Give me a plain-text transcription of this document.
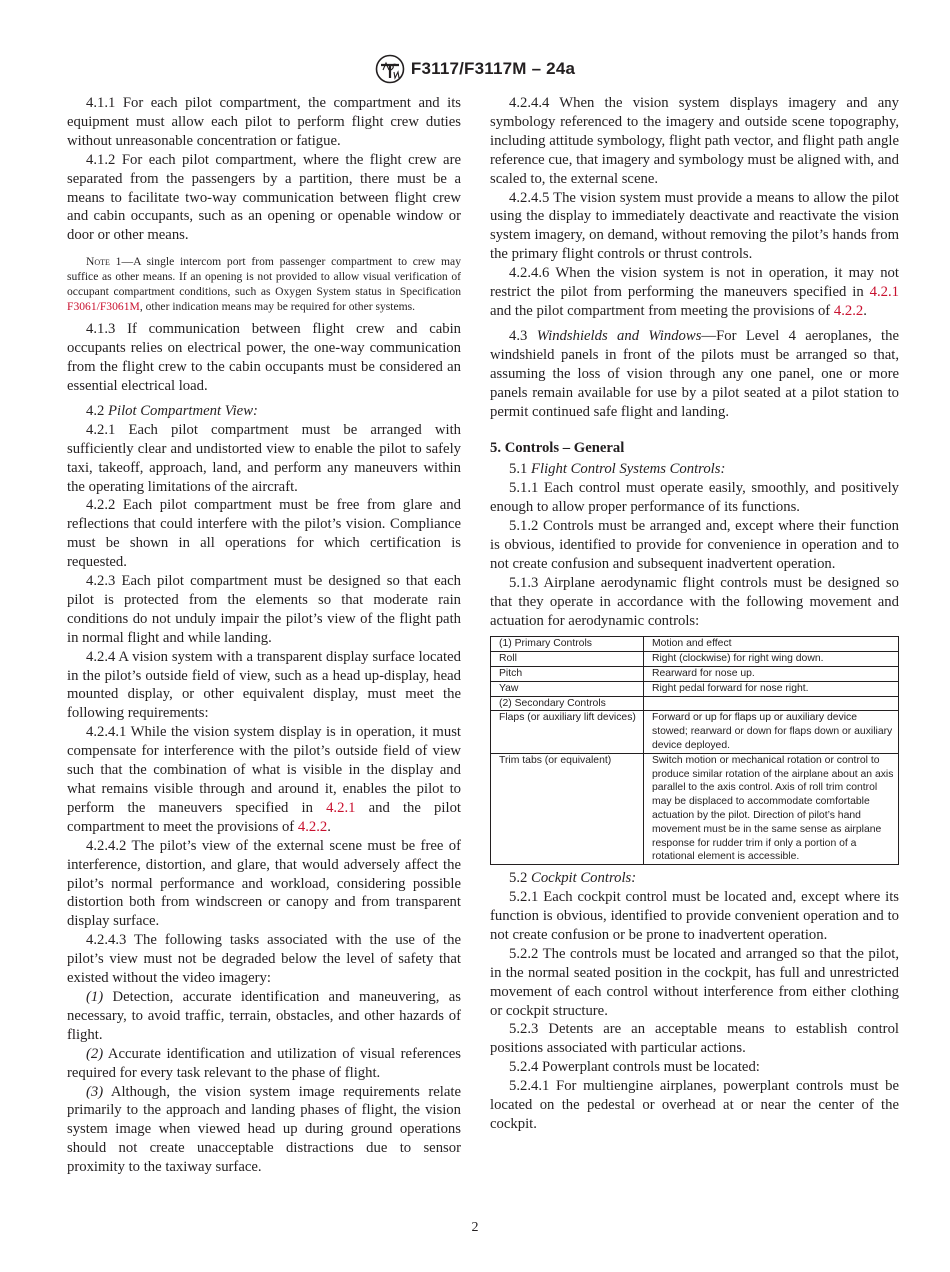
F3117/F3117M – 24a

4.1.1 For each pilot compartment, the compartment and its equipment must allow each pilot to perform flight crew duties without unreasonable concentration or fatigue.

4.1.2 For each pilot compartment, where the flight crew are separated from the passengers by a partition, there must be a means to facilitate two-way communication between flight crew and cabin occupants, such as an opening or openable window or door or other means.

Note 1—A single intercom port from passenger compartment to crew may suffice as other means. If an opening is not provided to allow visual verification of occupant compartment conditions, such as Oxygen System status in Specification F3061/F3061M, other indication means may be required for other systems.

4.1.3 If communication between flight crew and cabin occupants relies on electrical power, the one-way communication from the flight crew to the cabin occupants must be considered an essential electrical load.

4.2 Pilot Compartment View:

4.2.1 Each pilot compartment must be arranged with sufficiently clear and undistorted view to enable the pilot to safely taxi, takeoff, approach, land, and perform any maneuvers within the operating limitations of the aircraft.

4.2.2 Each pilot compartment must be free from glare and reflections that could interfere with the pilot’s vision. Compliance must be shown in all operations for which certification is requested.

4.2.3 Each pilot compartment must be designed so that each pilot is protected from the elements so that moderate rain conditions do not unduly impair the pilot’s view of the flight path in normal flight and while landing.

4.2.4 A vision system with a transparent display surface located in the pilot’s outside field of view, such as a head up-display, head mounted display, or other equivalent display, must meet the following requirements:

4.2.4.1 While the vision system display is in operation, it must compensate for interference with the pilot’s outside field of view such that the combination of what is visible in the display and what remains visible through and around it, enables the pilot to perform the maneuvers specified in 4.2.1 and the pilot compartment to meet the provisions of 4.2.2.

4.2.4.2 The pilot’s view of the external scene must be free of interference, distortion, and glare, that would adversely affect the pilot’s normal performance and workload, considering possible distortion both from windscreen or canopy and from transparent display surface.

4.2.4.3 The following tasks associated with the use of the pilot’s view must not be degraded below the level of safety that existed without the video imagery:

(1) Detection, accurate identification and maneuvering, as necessary, to avoid traffic, terrain, obstacles, and other hazards of flight.

(2) Accurate identification and utilization of visual references required for every task relevant to the phase of flight.

(3) Although, the vision system image requirements relate primarily to the approach and landing phases of flight, the vision system image when viewed head up during ground operations should not create unacceptable distractions due to sensor proximity to the taxiway surface.

4.2.4.4 When the vision system displays imagery and any symbology referenced to the imagery and outside scene topography, including attitude symbology, flight path vector, and flight path angle reference cue, that imagery and symbology must be aligned with, and scaled to, the external scene.

4.2.4.5 The vision system must provide a means to allow the pilot using the display to immediately deactivate and reactivate the vision system imagery, on demand, without removing the pilot’s hands from the primary flight controls or thrust controls.

4.2.4.6 When the vision system is not in operation, it may not restrict the pilot from performing the maneuvers specified in 4.2.1 and the pilot compartment from meeting the provisions of 4.2.2.

4.3 Windshields and Windows—For Level 4 aeroplanes, the windshield panels in front of the pilots must be arranged so that, assuming the loss of vision through any one panel, one or more panels remain available for use by a pilot seated at a pilot station to permit continued safe flight and landing.

5. Controls – General

5.1 Flight Control Systems Controls:

5.1.1 Each control must operate easily, smoothly, and positively enough to allow proper performance of its functions.

5.1.2 Controls must be arranged and, except where their function is obvious, identified to provide for convenience in operation and to not create confusion and subsequent inadvertent operation.

5.1.3 Airplane aerodynamic flight controls must be designed so that they operate in accordance with the following movement and actuation for aerodynamic controls:

(1) Primary Controls	Motion and effect
Roll	Right (clockwise) for right wing down.
Pitch	Rearward for nose up.
Yaw	Right pedal forward for nose right.
(2) Secondary Controls	
Flaps (or auxiliary lift devices)	Forward or up for flaps up or auxiliary device stowed; rearward or down for flaps down or auxiliary device deployed.
Trim tabs (or equivalent)	Switch motion or mechanical rotation or control to produce similar rotation of the airplane about an axis parallel to the axis control. Axis of roll trim control may be displaced to accommodate comfortable actuation by the pilot. Direction of pilot’s hand movement must be in the same sense as airplane response for rudder trim if only a portion of a rotational element is accessible.

5.2 Cockpit Controls:

5.2.1 Each cockpit control must be located and, except where its function is obvious, identified to provide convenient operation and to not create confusion or be prone to inadvertent operation.

5.2.2 The controls must be located and arranged so that the pilot, in the normal seated position in the cockpit, has full and unrestricted movement of each control without interference from either clothing or cockpit structure.

5.2.3 Detents are an acceptable means to establish control positions associated with particular actions.

5.2.4 Powerplant controls must be located:

5.2.4.1 For multiengine airplanes, powerplant controls must be located on the pedestal or overhead at or near the center of the cockpit.

2
